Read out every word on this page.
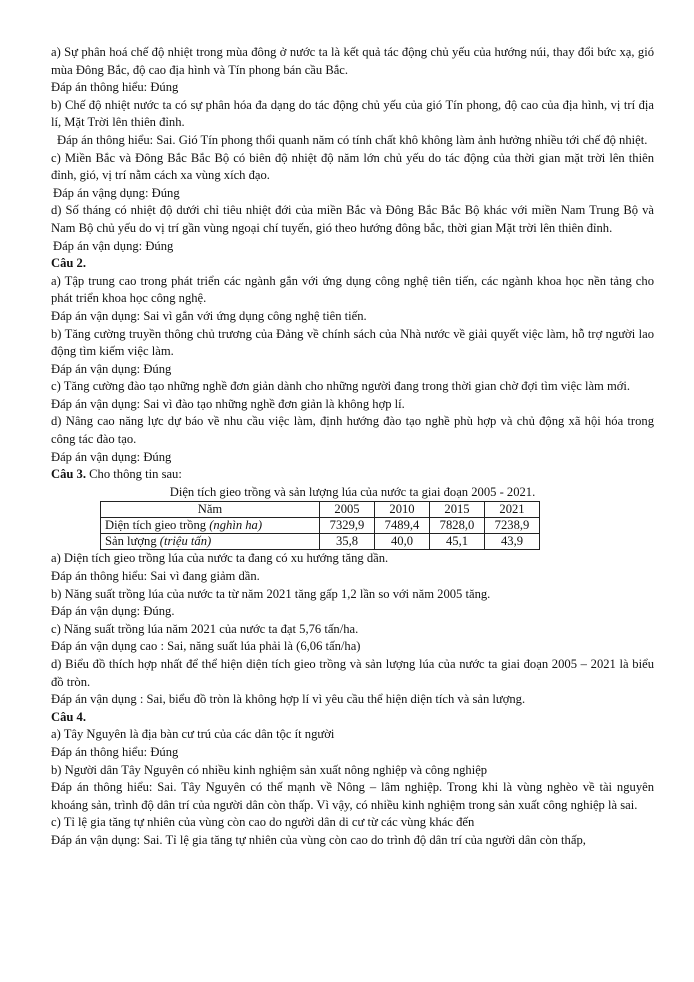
a) Sự phân hoá chế độ nhiệt trong mùa đông ở nước ta là kết quả tác động chủ yếu của hướng núi, thay đổi bức xạ, gió mùa Đông Bắc, độ cao địa hình và Tín phong bán cầu Bắc.

Đáp án thông hiểu: Đúng

b) Chế độ nhiệt nước ta có sự phân hóa đa dạng do tác động chủ yếu của gió Tín phong, độ cao của địa hình, vị trí địa lí, Mặt Trời lên thiên đỉnh.

Đáp án thông hiểu: Sai. Gió Tín phong thổi quanh năm có tính chất khô không làm ảnh hưởng nhiều tới chế độ nhiệt.

c) Miền Bắc và Đông Bắc Bắc Bộ có biên độ nhiệt độ năm lớn chủ yếu do tác động của thời gian mặt trời lên thiên đỉnh, gió, vị trí nằm cách xa vùng xích đạo.

Đáp án vậng dụng: Đúng

d) Số tháng có nhiệt độ dưới chỉ tiêu nhiệt đới của miền Bắc và Đông Bắc Bắc Bộ khác với miền Nam Trung Bộ và Nam Bộ chủ yếu do vị trí gần vùng ngoại chí tuyến, gió theo hướng đông bắc, thời gian Mặt trời lên thiên đỉnh.

Đáp án vận dụng: Đúng

Câu 2.

a) Tập trung cao trong phát triển các ngành gắn với ứng dụng công nghệ tiên tiến, các ngành khoa học nền tảng cho phát triển khoa học công nghệ.

Đáp án vận dụng: Sai vì gắn với ứng dụng công nghệ tiên tiến.

b) Tăng cường truyền thông chủ trương của Đảng về chính sách của Nhà nước về giải quyết việc làm, hỗ trợ người lao động tìm kiếm việc làm.

Đáp án vận dụng: Đúng

c) Tăng cường đào tạo những nghề đơn giản dành cho những người đang trong thời gian chờ đợi tìm việc làm mới.

Đáp án vận dụng: Sai vì đào tạo những nghề đơn giản là không hợp lí.

d) Nâng cao năng lực dự báo về nhu cầu việc làm, định hướng đào tạo nghề phù hợp và chủ động xã hội hóa trong công tác đào tạo.

Đáp án vận dụng: Đúng

Câu 3. Cho thông tin sau:

Diện tích gieo trồng và sản lượng lúa của nước ta giai đoạn 2005 - 2021.

Năm	2005	2010	2015	2021
Diện tích gieo trồng (nghìn ha)	7329,9	7489,4	7828,0	7238,9
Sản lượng (triệu tấn)	35,8	40,0	45,1	43,9

a) Diện tích gieo trồng lúa của nước ta đang có xu hướng tăng dần.

Đáp án thông hiểu: Sai vì đang giảm dần.

b) Năng suất trồng lúa của nước ta từ năm 2021 tăng gấp 1,2 lần so với năm 2005 tăng.

Đáp án vận dụng: Đúng.

c) Năng suất trồng lúa năm 2021 của nước ta đạt 5,76 tấn/ha.

Đáp án vận dụng cao : Sai, năng suất lúa phải là (6,06 tấn/ha)

d) Biểu đồ thích hợp nhất để thể hiện diện tích gieo trồng và sản lượng lúa của nước ta giai đoạn 2005 – 2021 là biểu đồ tròn.

Đáp án vận dụng : Sai, biểu đồ tròn là không hợp lí vì yêu cầu thể hiện diện tích và sản lượng.

Câu 4.

a) Tây Nguyên là địa bàn cư trú của các dân tộc ít người

Đáp án thông hiểu: Đúng

b) Người dân Tây Nguyên có nhiều kinh nghiệm sản xuất nông nghiệp và công nghiệp

Đáp án thông hiểu: Sai. Tây Nguyên có thế mạnh về Nông – lâm nghiệp. Trong khi là vùng nghèo về tài nguyên khoáng sản, trình độ dân trí của người dân còn thấp. Vì vậy, có nhiều kinh nghiệm trong sản xuất công nghiệp là sai.

c) Tỉ lệ gia tăng tự nhiên của vùng còn cao do người dân di cư từ các vùng khác đến

Đáp án vận dụng: Sai. Tỉ lệ gia tăng tự nhiên của vùng còn cao do trình độ dân trí của người dân còn thấp,
